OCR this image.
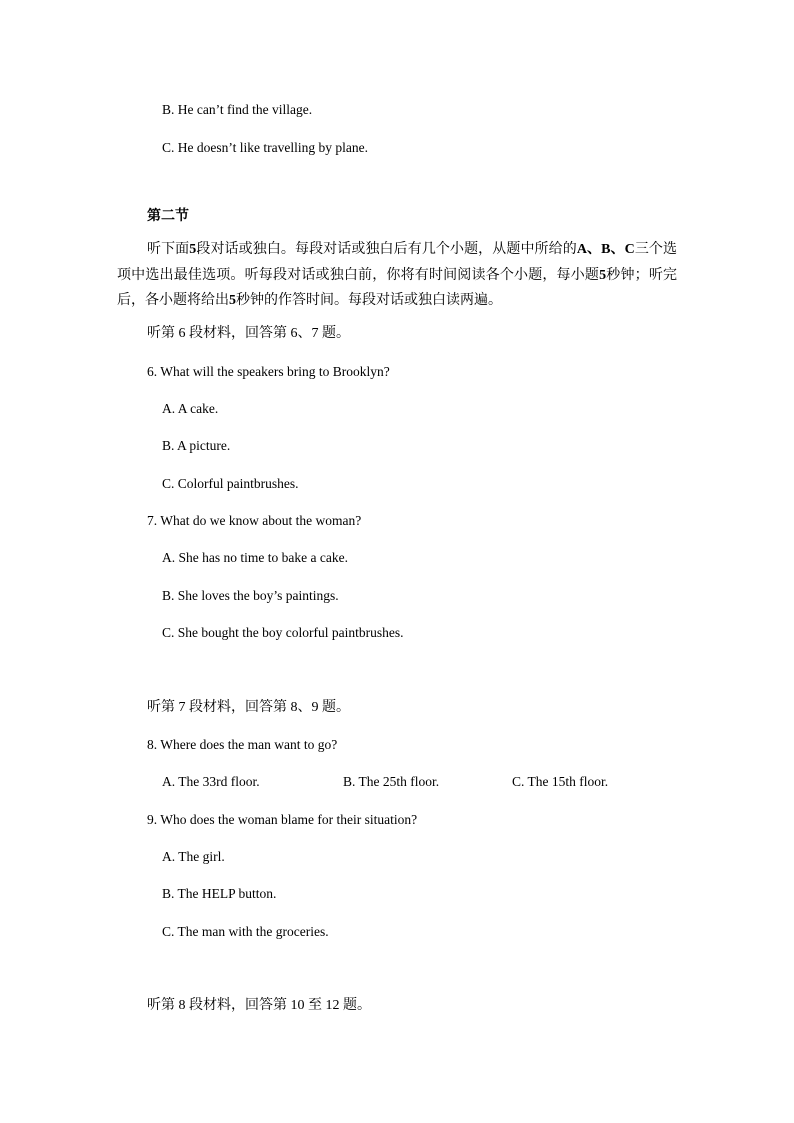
B. He can’t find the village.
C. He doesn’t like travelling by plane.
第二节
听下面5段对话或独白。每段对话或独白后有几个小题，从题中所给的A、B、C三个选项中选出最佳选项。听每段对话或独白前，你将有时间阅读各个小题，每小题5秒钟；听完后，各小题将给出5秒钟的作答时间。每段对话或独白读两遍。
听第 6 段材料，回答第 6、7 题。
6. What will the speakers bring to Brooklyn?
A. A cake.
B. A picture.
C. Colorful paintbrushes.
7. What do we know about the woman?
A. She has no time to bake a cake.
B. She loves the boy’s paintings.
C. She bought the boy colorful paintbrushes.
听第 7 段材料，回答第 8、9 题。
8. Where does the man want to go?
A. The 33rd floor.	B. The 25th floor.	C. The 15th floor.
9. Who does the woman blame for their situation?
A. The girl.
B. The HELP button.
C. The man with the groceries.
听第 8 段材料，回答第 10 至 12 题。
